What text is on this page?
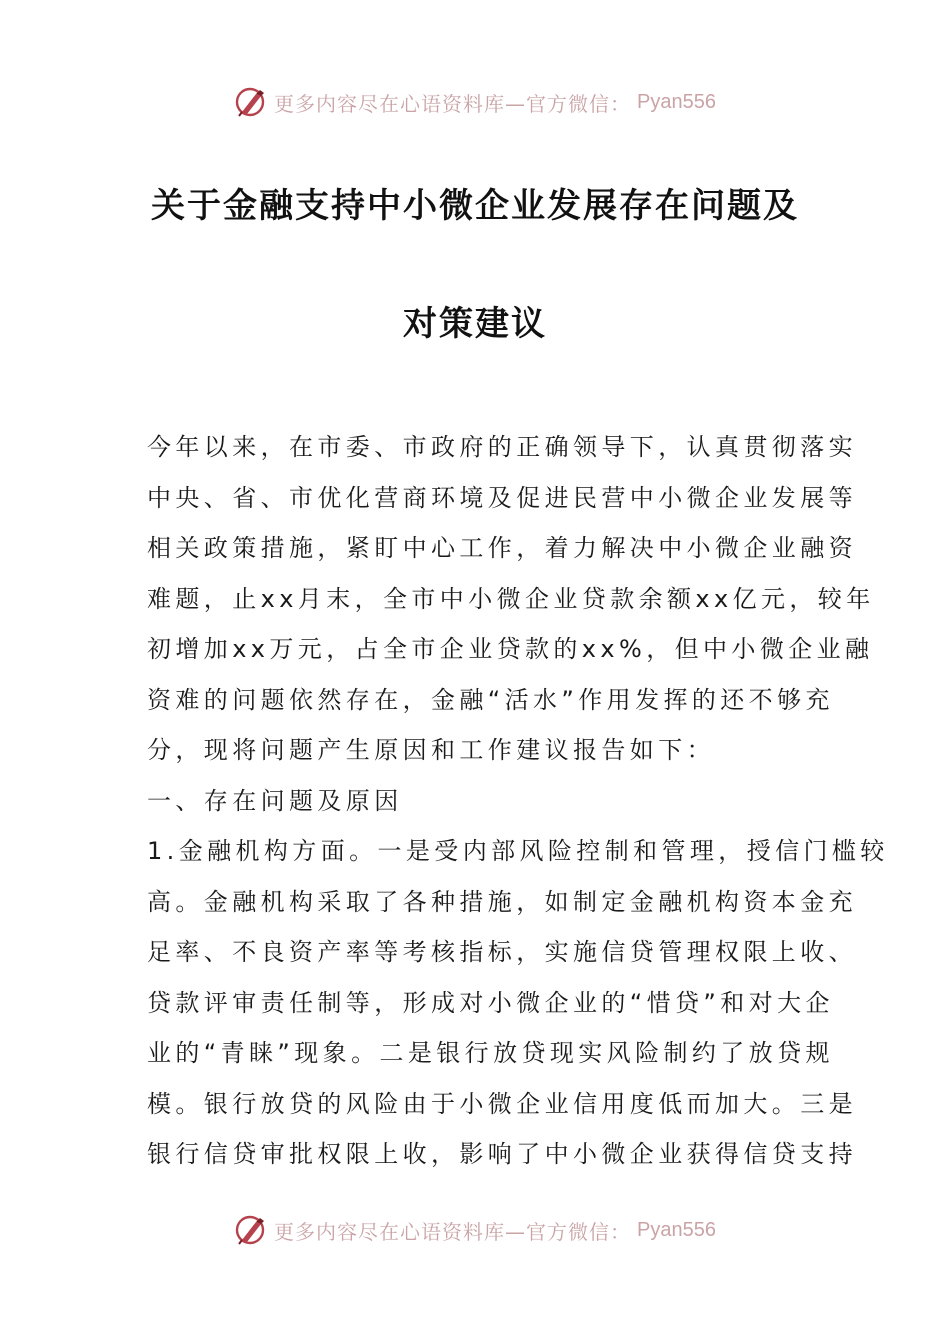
更多内容尽在心语资料库—官方微信： Pyan556
关于金融支持中小微企业发展存在问题及
对策建议
今年以来，在市委、市政府的正确领导下，认真贯彻落实
中央、省、市优化营商环境及促进民营中小微企业发展等
相关政策措施，紧盯中心工作，着力解决中小微企业融资
难题，止xx月末，全市中小微企业贷款余额xx亿元，较年
初增加xx万元，占全市企业贷款的xx%，但中小微企业融
资难的问题依然存在，金融“活水”作用发挥的还不够充
分，现将问题产生原因和工作建议报告如下：
一、存在问题及原因
1.金融机构方面。一是受内部风险控制和管理，授信门槛较
高。金融机构采取了各种措施，如制定金融机构资本金充
足率、不良资产率等考核指标，实施信贷管理权限上收、
贷款评审责任制等，形成对小微企业的“惜贷”和对大企
业的“青睐”现象。二是银行放贷现实风险制约了放贷规
模。银行放贷的风险由于小微企业信用度低而加大。三是
银行信贷审批权限上收，影响了中小微企业获得信贷支持
更多内容尽在心语资料库—官方微信： Pyan556
